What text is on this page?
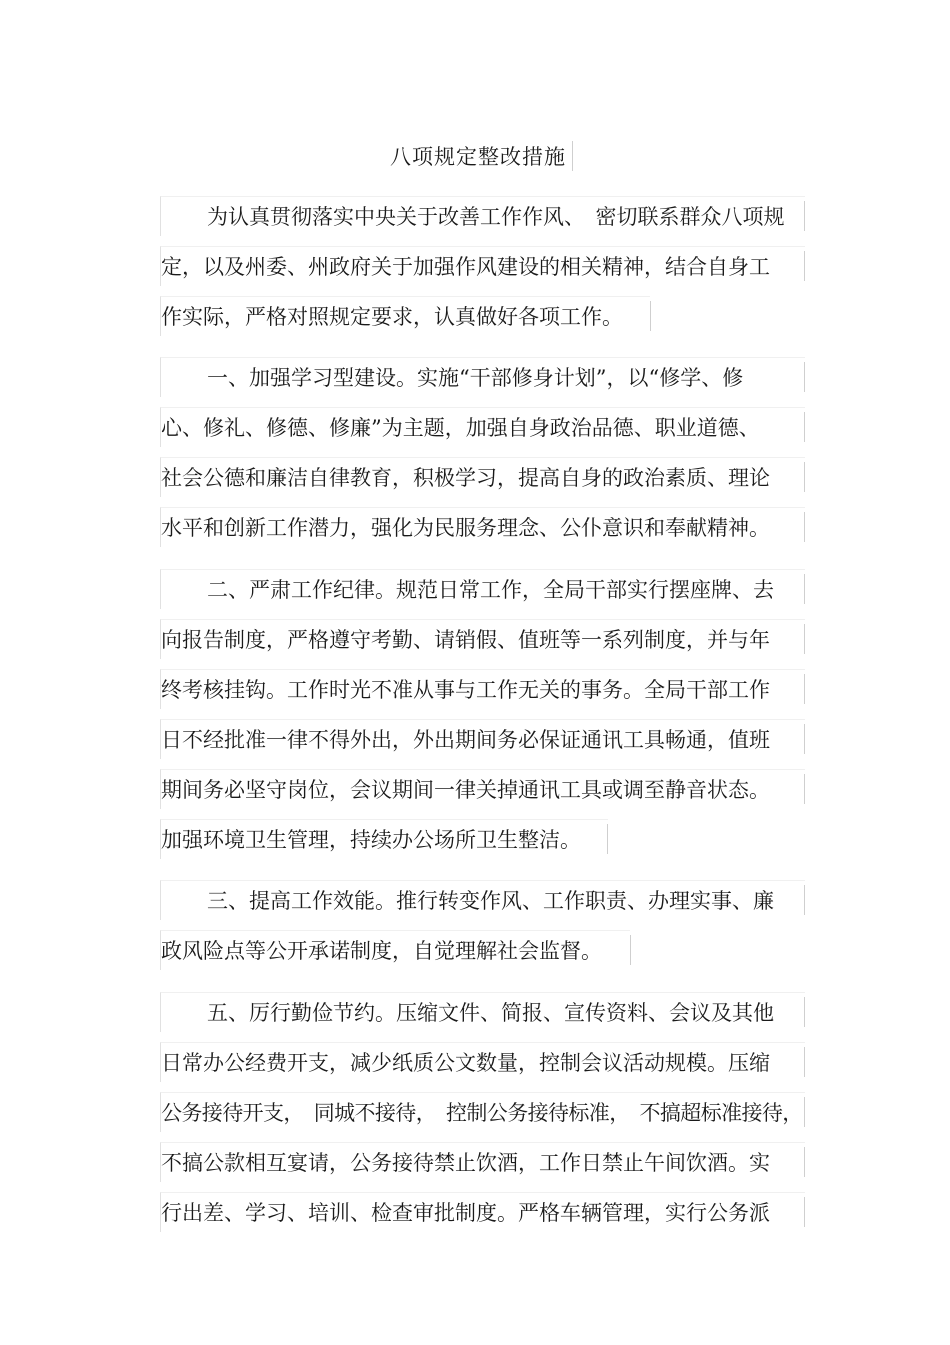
八项规定整改措施
为认真贯彻落实中央关于改善工作作风、　密切联系群众八项规
定，以及州委、州政府关于加强作风建设的相关精神，结合自身工
作实际，严格对照规定要求，认真做好各项工作。
一、加强学习型建设。实施“干部修身计划”，以“修学、修
心、修礼、修德、修廉”为主题，加强自身政治品德、职业道德、
社会公德和廉洁自律教育，积极学习，提高自身的政治素质、理论
水平和创新工作潜力，强化为民服务理念、公仆意识和奉献精神。
二、严肃工作纪律。规范日常工作，全局干部实行摆座牌、去
向报告制度，严格遵守考勤、请销假、值班等一系列制度，并与年
终考核挂钩。工作时光不准从事与工作无关的事务。全局干部工作
日不经批准一律不得外出，外出期间务必保证通讯工具畅通，值班
期间务必坚守岗位，会议期间一律关掉通讯工具或调至静音状态。
加强环境卫生管理，持续办公场所卫生整洁。
三、提高工作效能。推行转变作风、工作职责、办理实事、廉
政风险点等公开承诺制度，自觉理解社会监督。
五、厉行勤俭节约。压缩文件、简报、宣传资料、会议及其他
日常办公经费开支，减少纸质公文数量，控制会议活动规模。压缩
公务接待开支，　同城不接待，　控制公务接待标准，　不搞超标准接待，
不搞公款相互宴请，公务接待禁止饮酒，工作日禁止午间饮酒。实
行出差、学习、培训、检查审批制度。严格车辆管理，实行公务派
